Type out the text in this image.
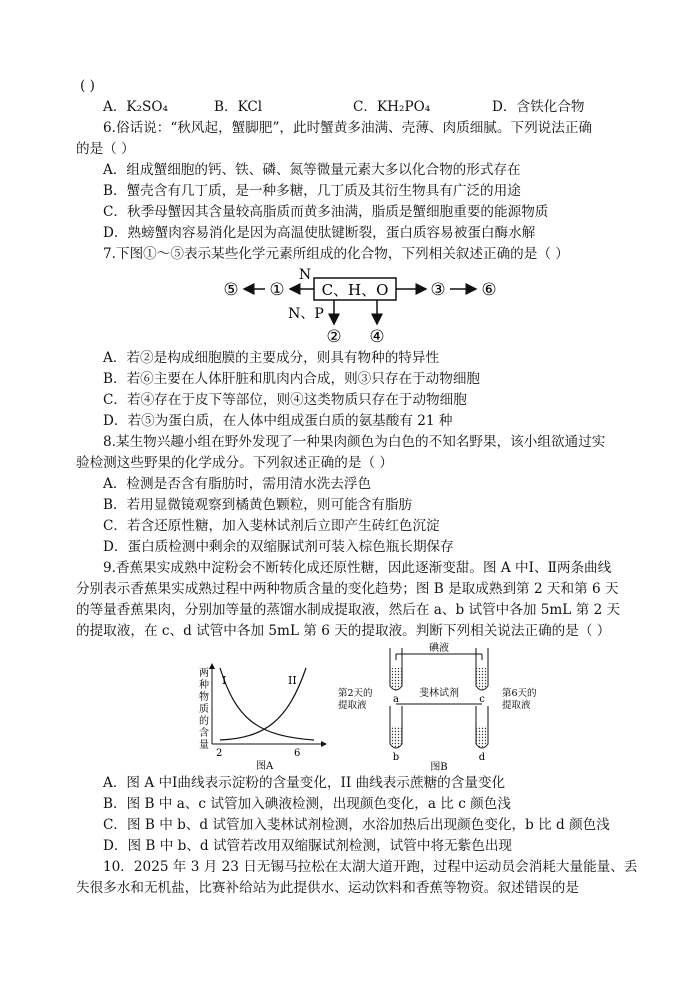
( )
A．K₂SO₄	B．KCl	C．KH₂PO₄	D．含铁化合物
6.俗话说：“秋风起，蟹脚肥”，此时蟹黄多油满、壳薄、肉质细腻。下列说法正确
的是（ ）
A．组成蟹细胞的钙、铁、磷、氮等微量元素大多以化合物的形式存在
B．蟹壳含有几丁质，是一种多糖，几丁质及其衍生物具有广泛的用途
C．秋季母蟹因其含量较高脂质而黄多油满，脂质是蟹细胞重要的能源物质
D．熟螃蟹肉容易消化是因为高温使肽键断裂，蛋白质容易被蛋白酶水解
7.下图①～⑤表示某些化学元素所组成的化合物，下列相关叙述正确的是（ ）
C、H、O
N
N、P
①
⑤	③ ⑥
② ④
A．若②是构成细胞膜的主要成分，则具有物种的特异性
B．若⑥主要在人体肝脏和肌肉内合成，则③只存在于动物细胞
C．若④存在于皮下等部位，则④这类物质只存在于动物细胞
D．若⑤为蛋白质，在人体中组成蛋白质的氨基酸有 21 种
8.某生物兴趣小组在野外发现了一种果肉颜色为白色的不知名野果，该小组欲通过实
验检测这些野果的化学成分。下列叙述正确的是（ ）
A．检测是否含有脂肪时，需用清水洗去浮色
B．若用显微镜观察到橘黄色颗粒，则可能含有脂肪
C．若含还原性糖，加入斐林试剂后立即产生砖红色沉淀
D．蛋白质检测中剩余的双缩脲试剂可装入棕色瓶长期保存
9.香蕉果实成熟中淀粉会不断转化成还原性糖，因此逐渐变甜。图 A 中Ⅰ、Ⅱ两条曲线
分别表示香蕉果实成熟过程中两种物质含量的变化趋势；图 B 是取成熟到第 2 天和第 6 天
的等量香蕉果肉，分别加等量的蒸馏水制成提取液，然后在 a、b 试管中各加 5mL 第 2 天
的提取液，在 c、d 试管中各加 5mL 第 6 天的提取液。判断下列相关说法正确的是（ ）
两
种
物
质
的
含
量
I	II
2	6
图A
碘液
a	c
斐林试剂
第2天的
提取液
第6天的
提取液
b	d
图B
A．图 A 中Ⅰ曲线表示淀粉的含量变化，II 曲线表示蔗糖的含量变化
B．图 B 中 a、c 试管加入碘液检测，出现颜色变化，a 比 c 颜色浅
C．图 B 中 b、d 试管加入斐林试剂检测，水浴加热后出现颜色变化，b 比 d 颜色浅
D．图 B 中 b、d 试管若改用双缩脲试剂检测，试管中将无紫色出现
10．2025 年 3 月 23 日无锡马拉松在太湖大道开跑，过程中运动员会消耗大量能量、丢
失很多水和无机盐，比赛补给站为此提供水、运动饮料和香蕉等物资。叙述错误的是
